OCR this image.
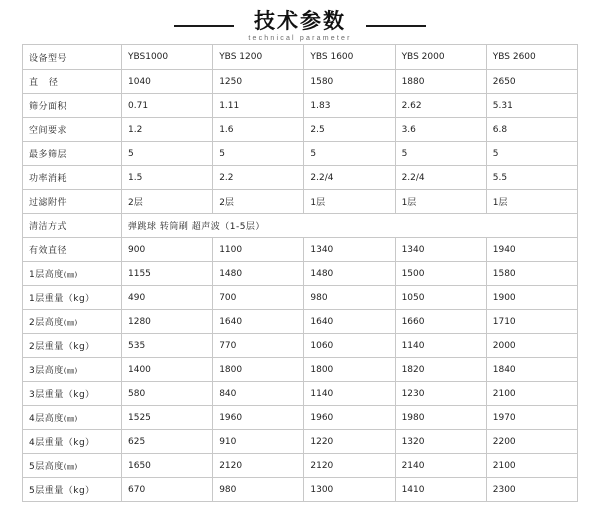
技术参数
technical parameter
设备型号	YBS1000	YBS 1200	YBS 1600	YBS 2000	YBS 2600
直 径	1040	1250	1580	1880	2650
筛分面积	0.71	1.11	1.83	2.62	5.31
空间要求	1.2	1.6	2.5	3.6	6.8
最多筛层	5	5	5	5	5
功率消耗	1.5	2.2	2.2/4	2.2/4	5.5
过滤附件	2层	2层	1层	1层	1层
清洁方式	弹跳球 转筒刷 超声波（1-5层）				
有效直径	900	1100	1340	1340	1940
1层高度(㎜)	1155	1480	1480	1500	1580
1层重量（kg）	490	700	980	1050	1900
2层高度(㎜)	1280	1640	1640	1660	1710
2层重量（kg）	535	770	1060	1140	2000
3层高度(㎜)	1400	1800	1800	1820	1840
3层重量（kg）	580	840	1140	1230	2100
4层高度(㎜)	1525	1960	1960	1980	1970
4层重量（kg）	625	910	1220	1320	2200
5层高度(㎜)	1650	2120	2120	2140	2100
5层重量（kg）	670	980	1300	1410	2300
